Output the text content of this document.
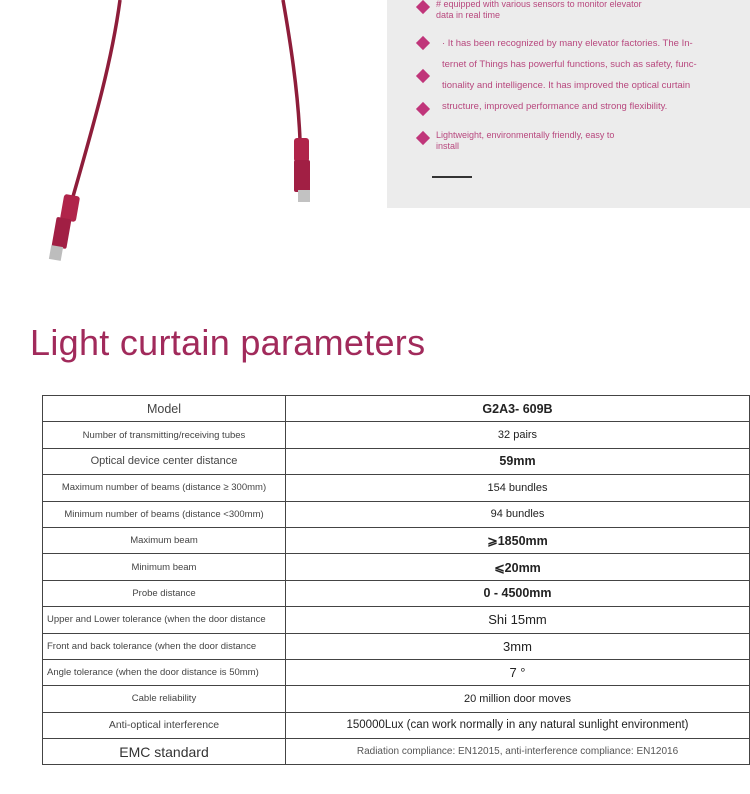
# equipped with various sensors to monitor elevator
data in real time
· It has been recognized by many elevator factories. The In-
ternet of Things has powerful functions, such as safety, func-
tionality and intelligence. It has improved the optical curtain
structure, improved performance and strong flexibility.
Lightweight, environmentally friendly, easy to
install
Light curtain parameters
Model	G2A3- 609B
Number of transmitting/receiving tubes	32 pairs
Optical device center distance	59mm
Maximum number of beams (distance ≥ 300mm)	154 bundles
Minimum number of beams (distance <300mm)	94 bundles
Maximum beam	⩾1850mm
Minimum beam	⩽20mm
Probe distance	0 - 4500mm
Upper and Lower tolerance (when the door distance	Shi 15mm
Front and back tolerance (when the door distance	3mm
Angle tolerance (when the door distance is 50mm)	7 °
Cable reliability	20 million door moves
Anti-optical interference	150000Lux (can work normally in any natural sunlight environment)
EMC standard	Radiation compliance: EN12015, anti-interference compliance: EN12016
